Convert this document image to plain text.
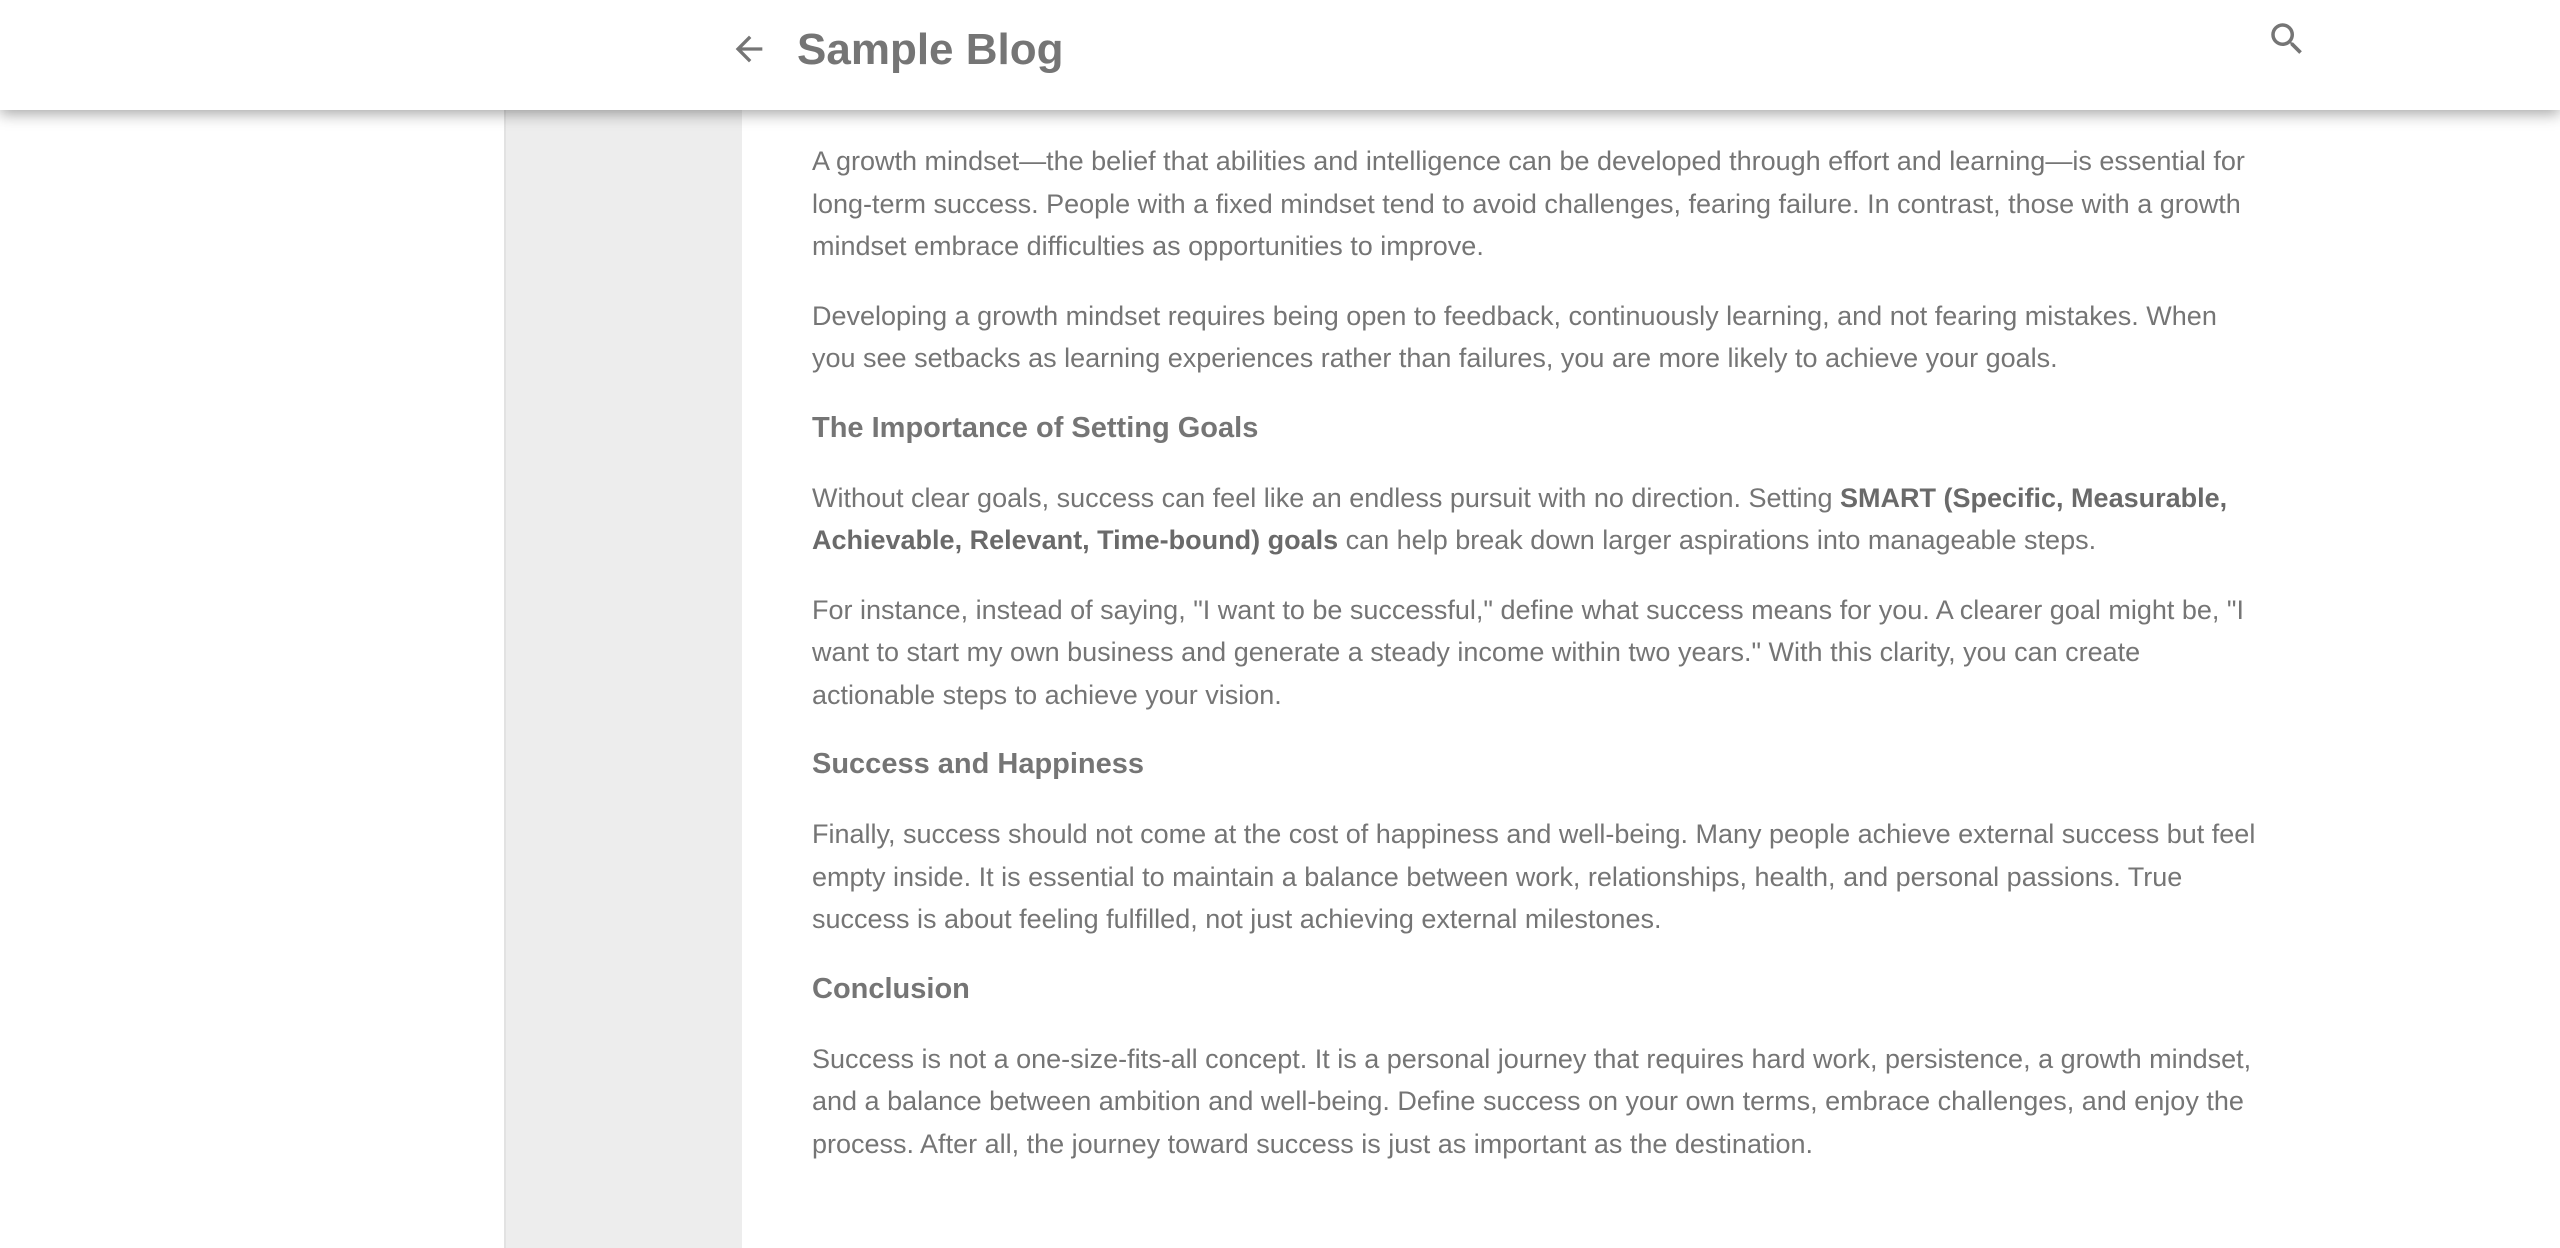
A growth mindset—the belief that abilities and intelligence can be developed through effort and learning—is essential for long-term success. People with a fixed mindset tend to avoid challenges, fearing failure. In contrast, those with a growth mindset embrace difficulties as opportunities to improve.

Developing a growth mindset requires being open to feedback, continuously learning, and not fearing mistakes. When you see setbacks as learning experiences rather than failures, you are more likely to achieve your goals.

The Importance of Setting Goals

Without clear goals, success can feel like an endless pursuit with no direction. Setting SMART (Specific, Measurable, Achievable, Relevant, Time-bound) goals can help break down larger aspirations into manageable steps.

For instance, instead of saying, "I want to be successful," define what success means for you. A clearer goal might be, "I want to start my own business and generate a steady income within two years." With this clarity, you can create actionable steps to achieve your vision.

Success and Happiness

Finally, success should not come at the cost of happiness and well-being. Many people achieve external success but feel empty inside. It is essential to maintain a balance between work, relationships, health, and personal passions. True success is about feeling fulfilled, not just achieving external milestones.

Conclusion

Success is not a one-size-fits-all concept. It is a personal journey that requires hard work, persistence, a growth mindset, and a balance between ambition and well-being. Define success on your own terms, embrace challenges, and enjoy the process. After all, the journey toward success is just as important as the destination.

Sample Blog
